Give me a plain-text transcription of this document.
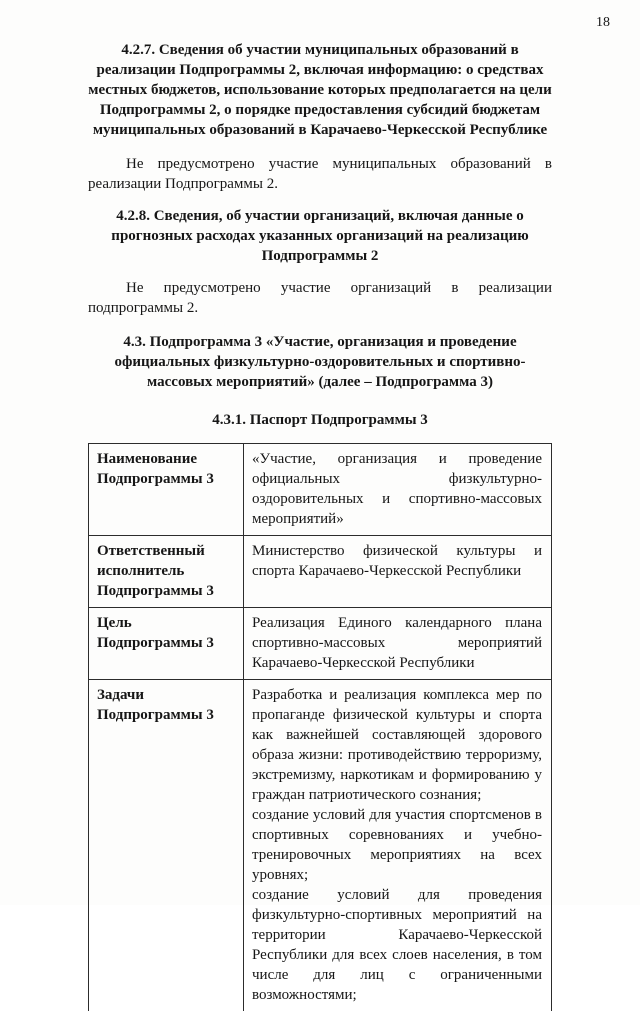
18
4.2.7. Сведения об участии муниципальных образований в реализации Подпрограммы 2, включая информацию: о средствах местных бюджетов, использование которых предполагается на цели Подпрограммы 2, о порядке предоставления субсидий бюджетам муниципальных образований в Карачаево-Черкесской Республике

Не предусмотрено участие муниципальных образований в реализации Подпрограммы 2.

4.2.8. Сведения, об участии организаций, включая данные о прогнозных расходах указанных организаций на реализацию Подпрограммы 2

Не предусмотрено участие организаций в реализации подпрограммы 2.

4.3. Подпрограмма 3 «Участие, организация и проведение официальных физкультурно-оздоровительных и спортивно-массовых мероприятий» (далее – Подпрограмма 3)
4.3.1. Паспорт Подпрограммы 3
Наименование Подпрограммы 3	«Участие, организация и проведение официальных физкультурно-оздоровительных и спортивно-массовых мероприятий»
Ответственный исполнитель Подпрограммы 3	Министерство физической культуры и спорта Карачаево-Черкесской Республики
Цель Подпрограммы 3	Реализация Единого календарного плана спортивно-массовых мероприятий Карачаево-Черкесской Республики
Задачи Подпрограммы 3	Разработка и реализация комплекса мер по пропаганде физической культуры и спорта как важнейшей составляющей здорового образа жизни: противодействию терроризму, экстремизму, наркотикам и формированию у граждан патриотического сознания;
создание условий для участия спортсменов в спортивных соревнованиях и учебно-тренировочных мероприятиях на всех уровнях;
создание условий для проведения физкультурно-спортивных мероприятий на территории Карачаево-Черкесской Республики для всех слоев населения, в том числе для лиц с ограниченными возможностями;
